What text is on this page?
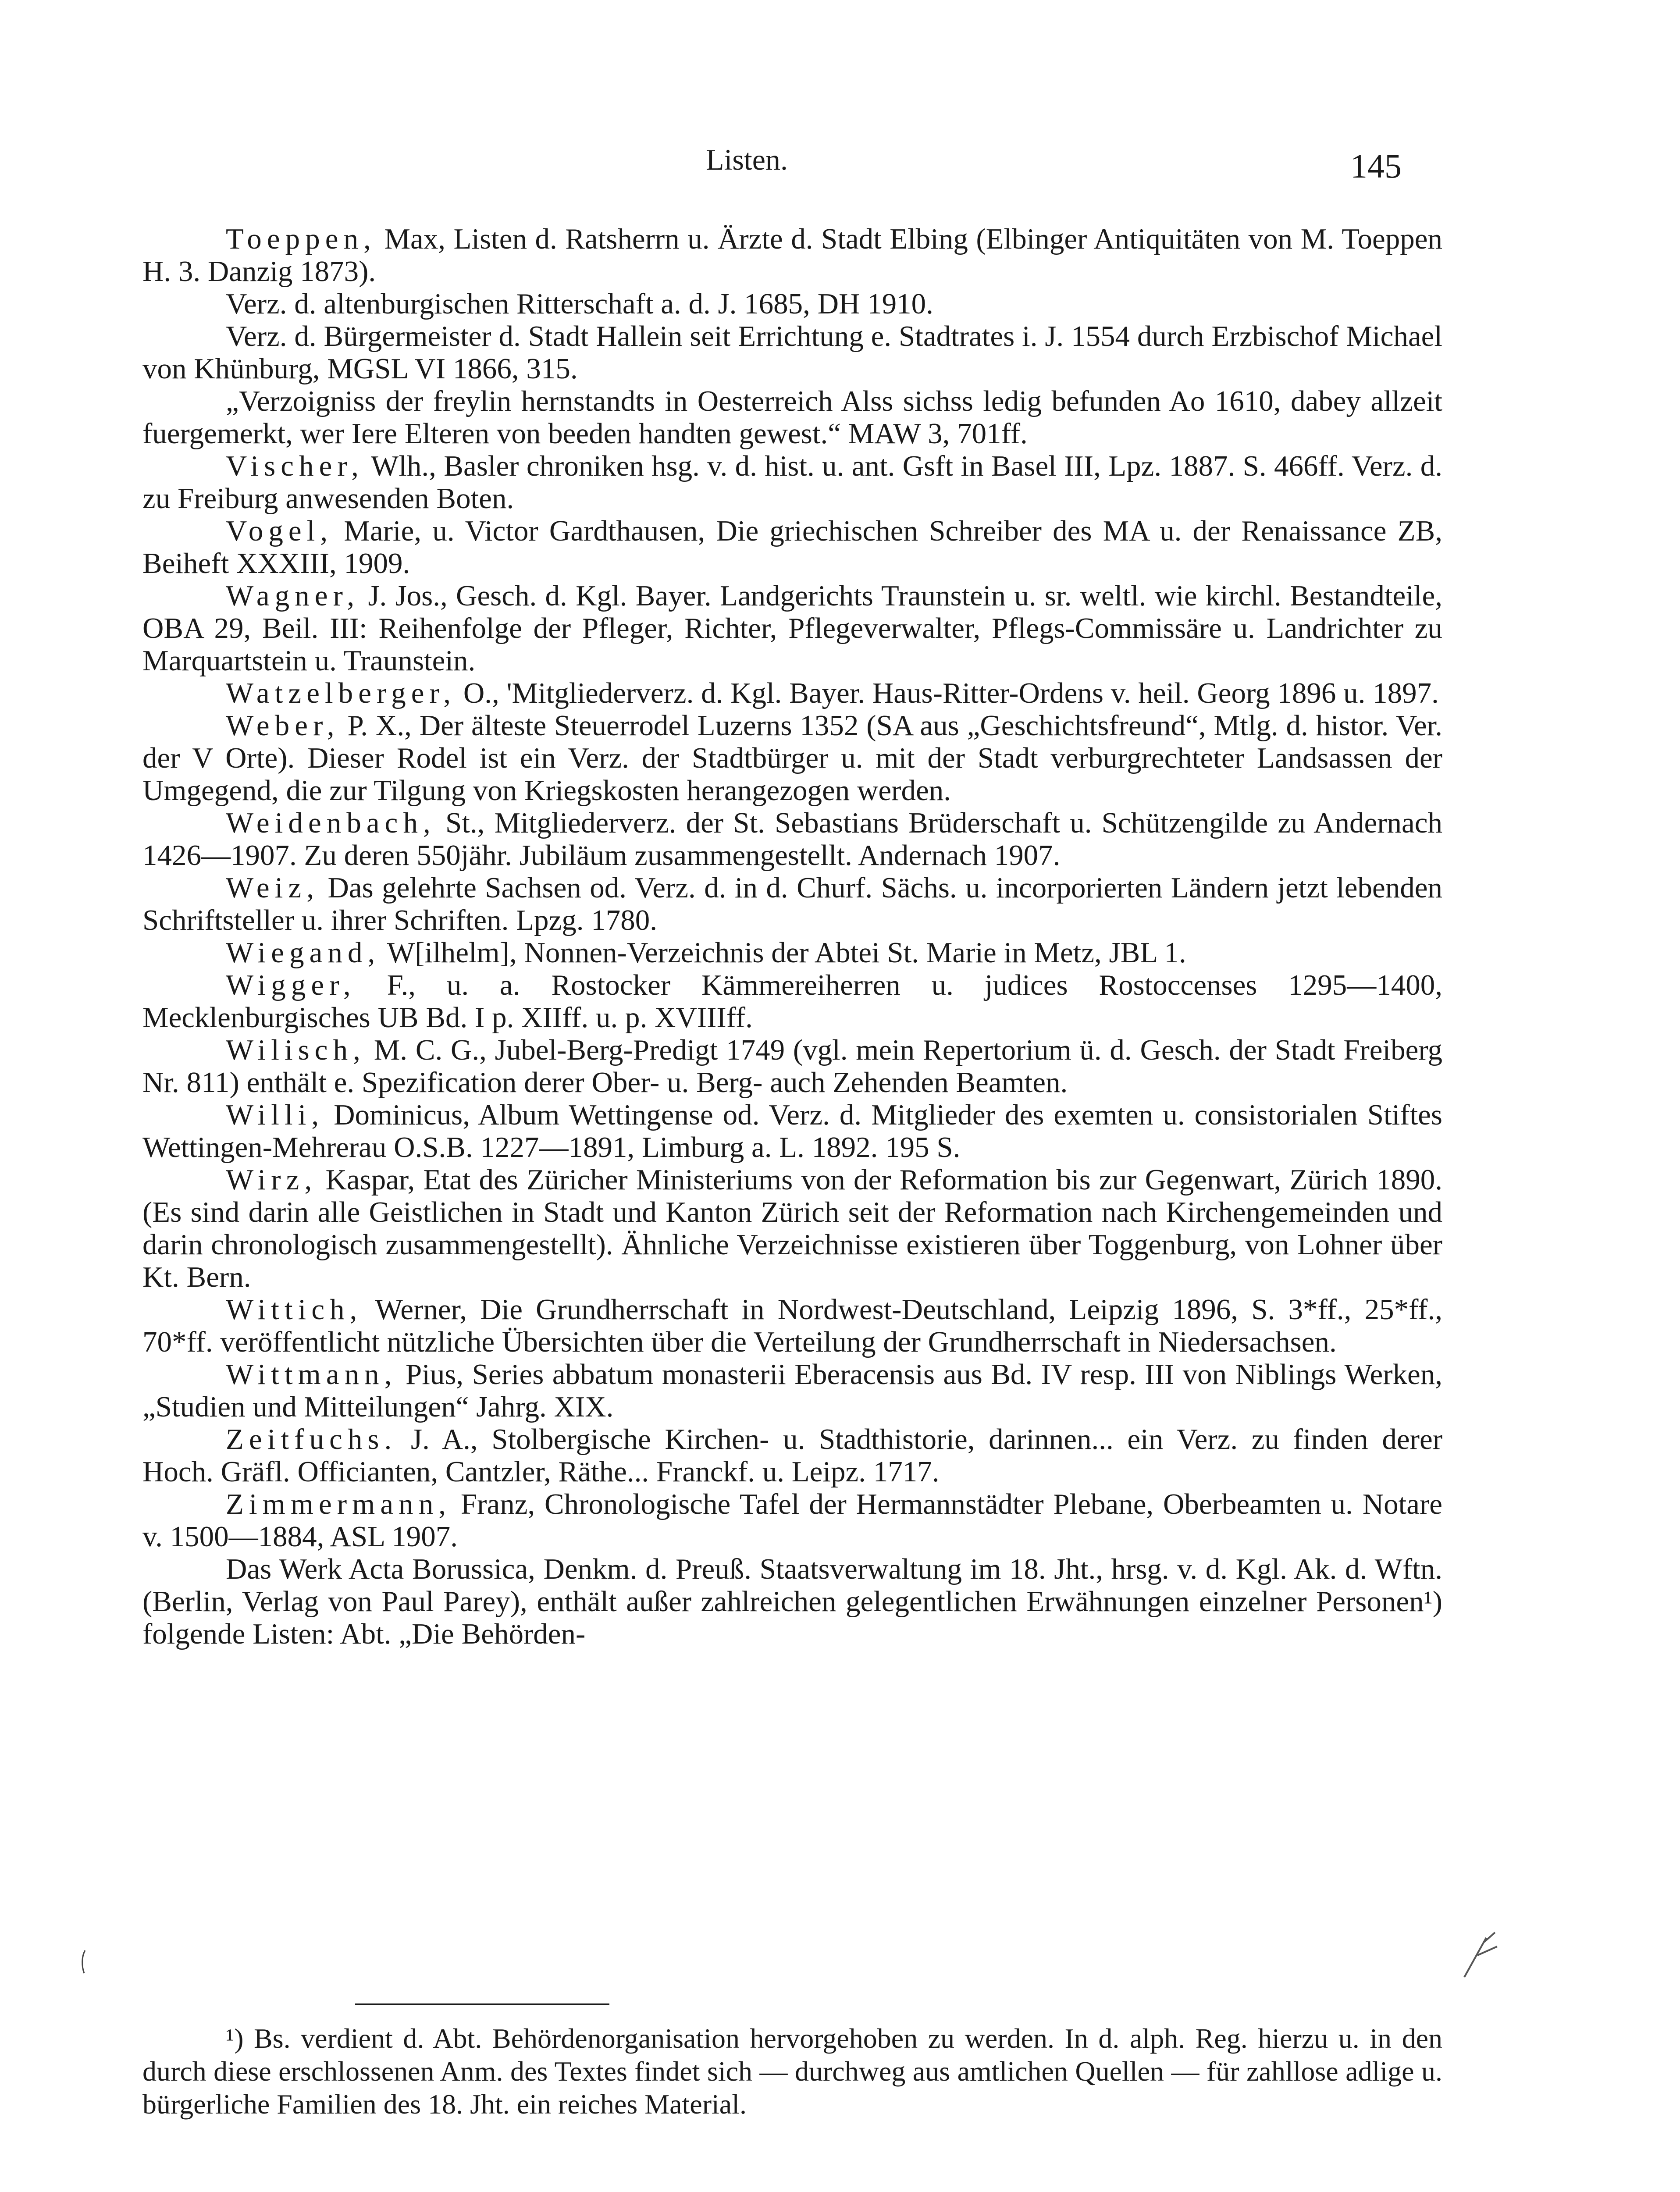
Listen.	145

Toeppen, Max, Listen d. Ratsherrn u. Ärzte d. Stadt Elbing (Elbinger Antiquitäten von M. Toeppen H. 3. Danzig 1873).

Verz. d. altenburgischen Ritterschaft a. d. J. 1685, DH 1910.

Verz. d. Bürgermeister d. Stadt Hallein seit Errichtung e. Stadtrates i. J. 1554 durch Erzbischof Michael von Khünburg, MGSL VI 1866, 315.

„Verzoigniss der freylin hernstandts in Oesterreich Alss sichss ledig befunden Ao 1610, dabey allzeit fuergemerkt, wer Iere Elteren von beeden handten gewest.“ MAW 3, 701ff.

Vischer, Wlh., Basler chroniken hsg. v. d. hist. u. ant. Gsft in Basel III, Lpz. 1887. S. 466ff. Verz. d. zu Freiburg anwesenden Boten.

Vogel, Marie, u. Victor Gardthausen, Die griechischen Schreiber des MA u. der Renaissance ZB, Beiheft XXXIII, 1909.

Wagner, J. Jos., Gesch. d. Kgl. Bayer. Landgerichts Traunstein u. sr. weltl. wie kirchl. Bestandteile, OBA 29, Beil. III: Reihenfolge der Pfleger, Richter, Pflegeverwalter, Pflegs-Commissäre u. Landrichter zu Marquartstein u. Traunstein.

Watzelberger, O., 'Mitgliederverz. d. Kgl. Bayer. Haus-Ritter-Ordens v. heil. Georg 1896 u. 1897.

Weber, P. X., Der älteste Steuerrodel Luzerns 1352 (SA aus „Geschichtsfreund“, Mtlg. d. histor. Ver. der V Orte). Dieser Rodel ist ein Verz. der Stadtbürger u. mit der Stadt verburgrechteter Landsassen der Umgegend, die zur Tilgung von Kriegskosten herangezogen werden.

Weidenbach, St., Mitgliederverz. der St. Sebastians Brüderschaft u. Schützengilde zu Andernach 1426—1907. Zu deren 550jähr. Jubiläum zusammengestellt. Andernach 1907.

Weiz, Das gelehrte Sachsen od. Verz. d. in d. Churf. Sächs. u. incorporierten Ländern jetzt lebenden Schriftsteller u. ihrer Schriften. Lpzg. 1780.

Wiegand, W[ilhelm], Nonnen-Verzeichnis der Abtei St. Marie in Metz, JBL 1.

Wigger, F., u. a. Rostocker Kämmereiherren u. judices Rostoccenses 1295—1400, Mecklenburgisches UB Bd. I p. XIIff. u. p. XVIIIff.

Wilisch, M. C. G., Jubel-Berg-Predigt 1749 (vgl. mein Repertorium ü. d. Gesch. der Stadt Freiberg Nr. 811) enthält e. Spezification derer Ober- u. Berg- auch Zehenden Beamten.

Willi, Dominicus, Album Wettingense od. Verz. d. Mitglieder des exemten u. consistorialen Stiftes Wettingen-Mehrerau O.S.B. 1227—1891, Limburg a. L. 1892. 195 S.

Wirz, Kaspar, Etat des Züricher Ministeriums von der Reformation bis zur Gegenwart, Zürich 1890. (Es sind darin alle Geistlichen in Stadt und Kanton Zürich seit der Reformation nach Kirchengemeinden und darin chronologisch zusammengestellt). Ähnliche Verzeichnisse existieren über Toggenburg, von Lohner über Kt. Bern.

Wittich, Werner, Die Grundherrschaft in Nordwest-Deutschland, Leipzig 1896, S. 3*ff., 25*ff., 70*ff. veröffentlicht nützliche Übersichten über die Verteilung der Grundherrschaft in Niedersachsen.

Wittmann, Pius, Series abbatum monasterii Eberacensis aus Bd. IV resp. III von Niblings Werken, „Studien und Mitteilungen“ Jahrg. XIX.

Zeitfuchs. J. A., Stolbergische Kirchen- u. Stadthistorie, darinnen... ein Verz. zu finden derer Hoch. Gräfl. Officianten, Cantzler, Räthe... Franckf. u. Leipz. 1717.

Zimmermann, Franz, Chronologische Tafel der Hermannstädter Plebane, Oberbeamten u. Notare v. 1500—1884, ASL 1907.

Das Werk Acta Borussica, Denkm. d. Preuß. Staatsverwaltung im 18. Jht., hrsg. v. d. Kgl. Ak. d. Wftn. (Berlin, Verlag von Paul Parey), enthält außer zahlreichen gelegentlichen Erwähnungen einzelner Personen¹) folgende Listen: Abt. „Die Behörden-

¹) Bs. verdient d. Abt. Behördenorganisation hervorgehoben zu werden. In d. alph. Reg. hierzu u. in den durch diese erschlossenen Anm. des Textes findet sich — durchweg aus amtlichen Quellen — für zahllose adlige u. bürgerliche Familien des 18. Jht. ein reiches Material.
